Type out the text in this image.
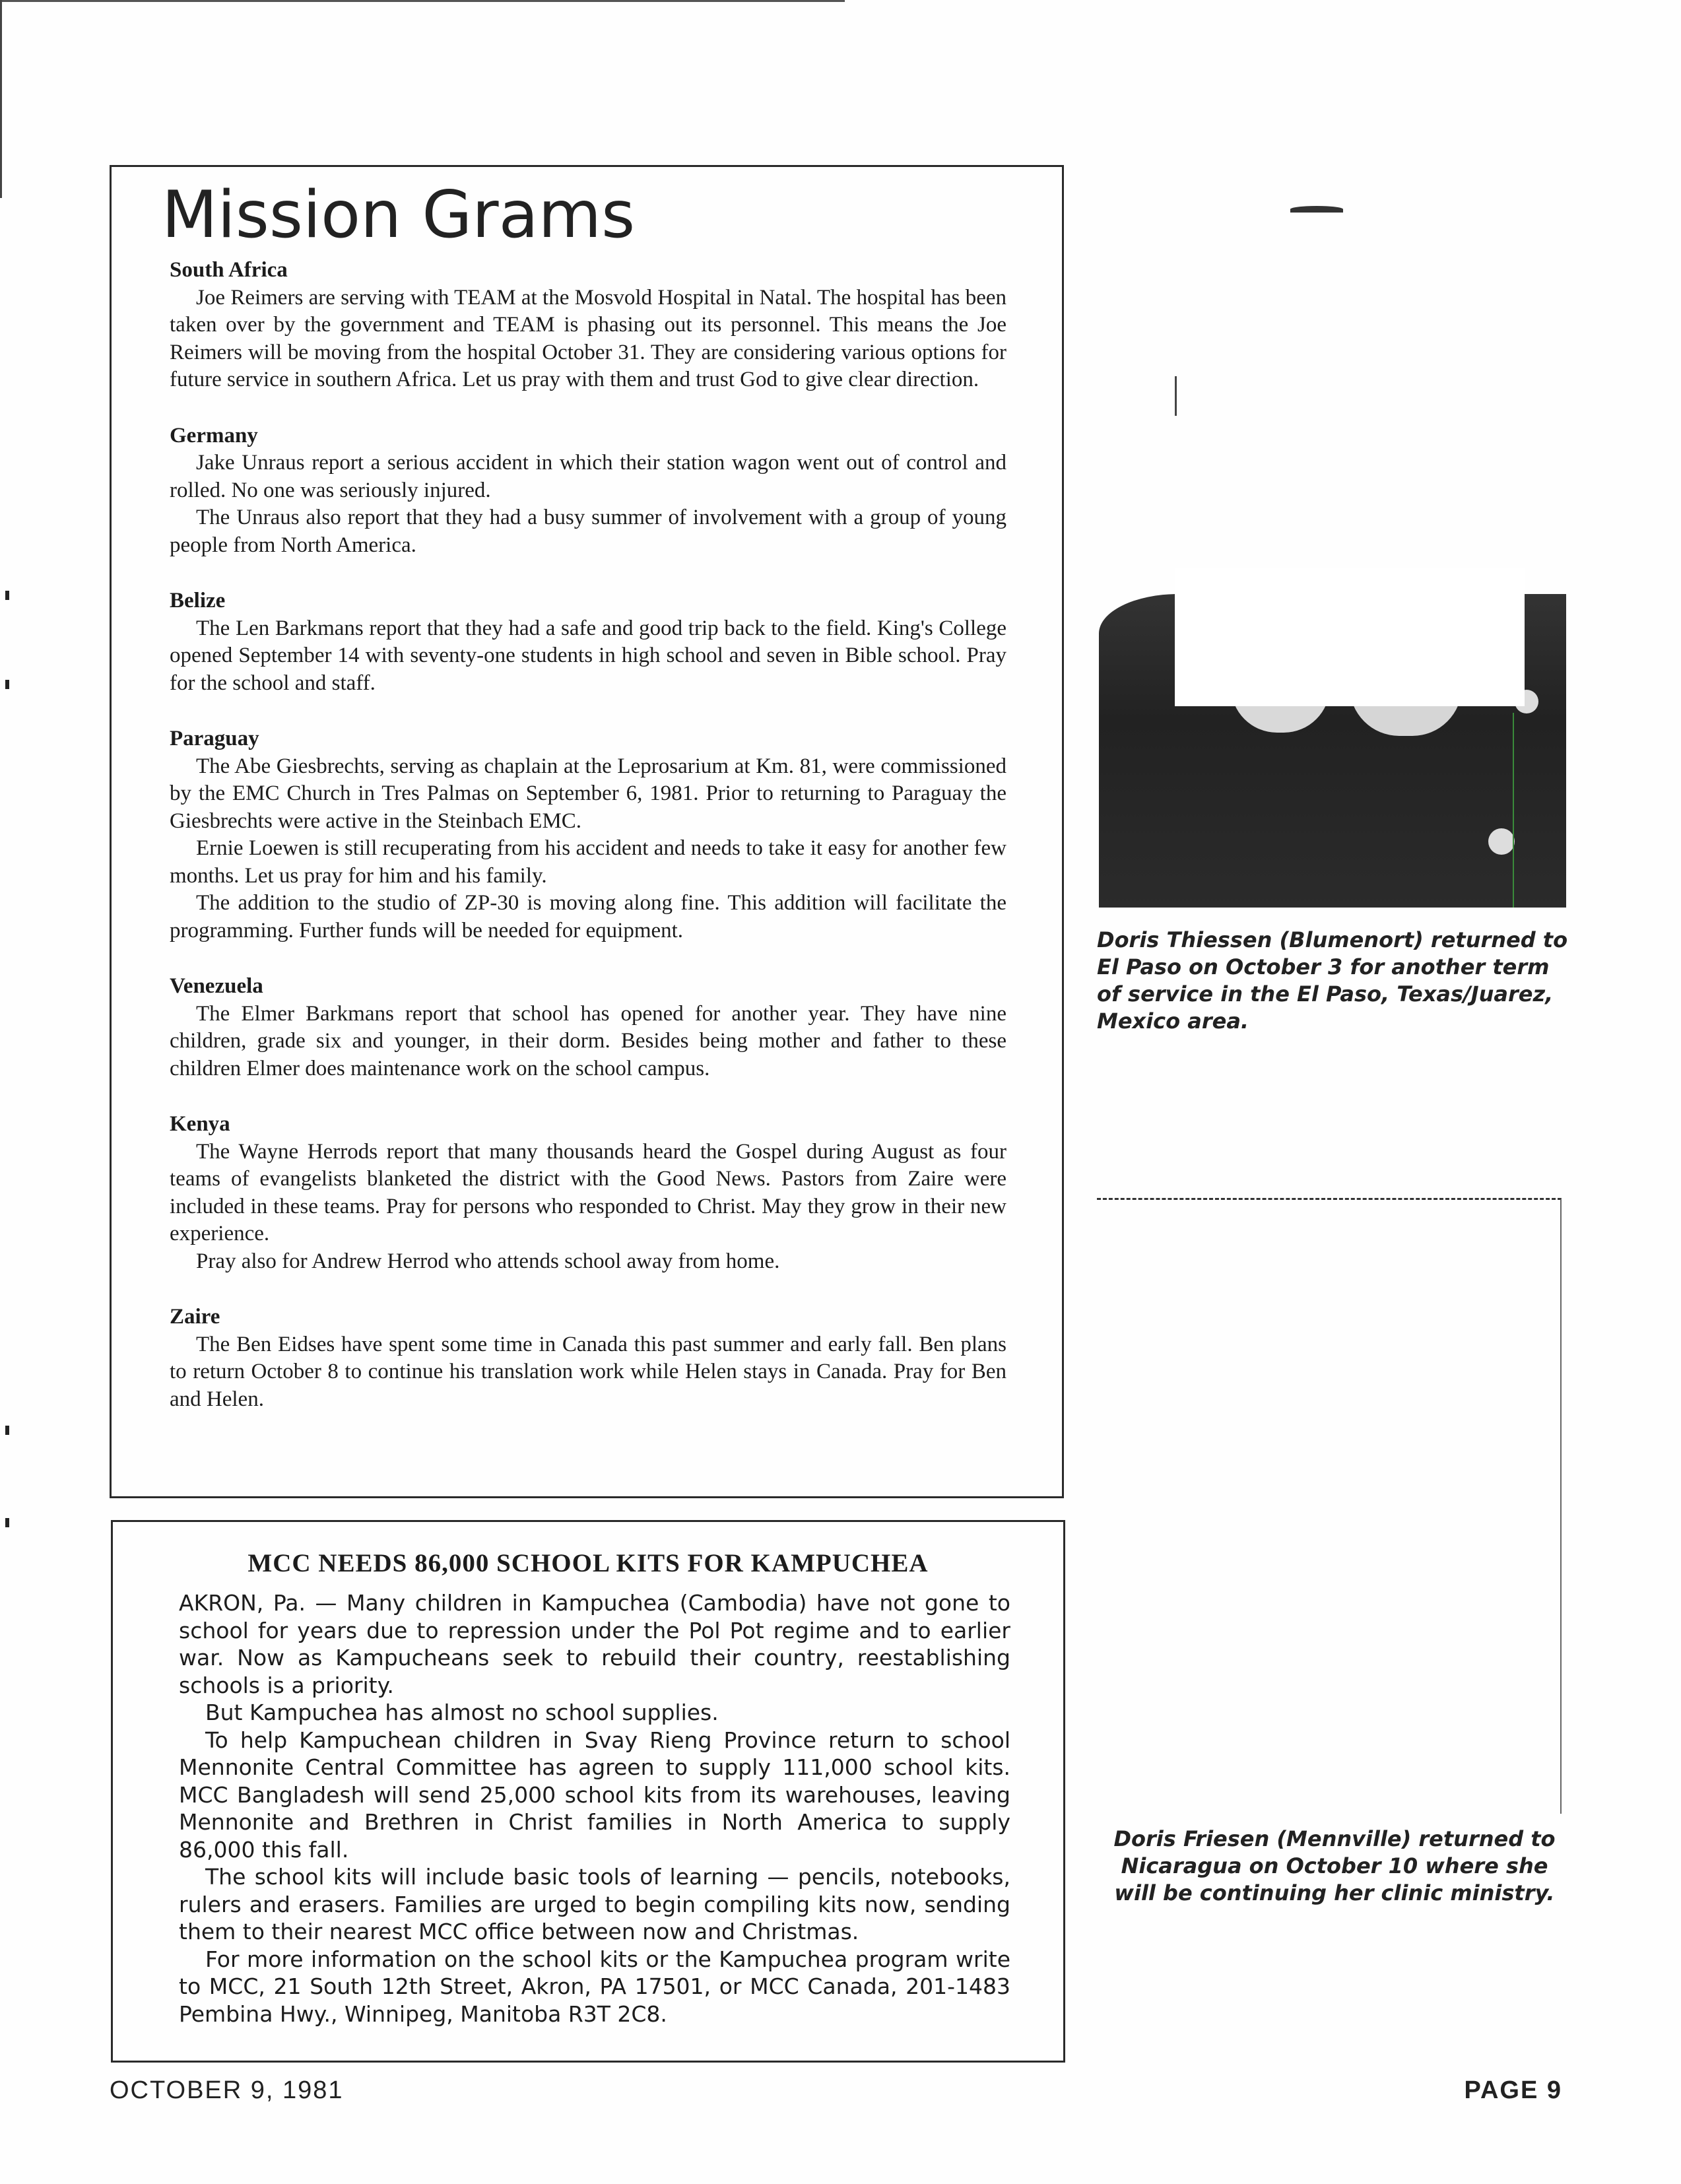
Mission Grams
South Africa

Joe Reimers are serving with TEAM at the Mosvold Hospital in Natal. The hospital has been taken over by the government and TEAM is phasing out its personnel. This means the Joe Reimers will be moving from the hospital October 31. They are considering various options for future service in southern Africa. Let us pray with them and trust God to give clear direction.

Germany

Jake Unraus report a serious accident in which their station wagon went out of control and rolled. No one was seriously injured.

The Unraus also report that they had a busy summer of involvement with a group of young people from North America.

Belize

The Len Barkmans report that they had a safe and good trip back to the field. King's College opened September 14 with seventy-one students in high school and seven in Bible school. Pray for the school and staff.

Paraguay

The Abe Giesbrechts, serving as chaplain at the Leprosarium at Km. 81, were commissioned by the EMC Church in Tres Palmas on September 6, 1981. Prior to returning to Paraguay the Giesbrechts were active in the Steinbach EMC.

Ernie Loewen is still recuperating from his accident and needs to take it easy for another few months. Let us pray for him and his family.

The addition to the studio of ZP-30 is moving along fine. This addition will facilitate the programming. Further funds will be needed for equipment.

Venezuela

The Elmer Barkmans report that school has opened for another year. They have nine children, grade six and younger, in their dorm. Besides being mother and father to these children Elmer does maintenance work on the school campus.

Kenya

The Wayne Herrods report that many thousands heard the Gospel during August as four teams of evangelists blanketed the district with the Good News. Pastors from Zaire were included in these teams. Pray for persons who responded to Christ. May they grow in their new experience.

Pray also for Andrew Herrod who attends school away from home.

Zaire

The Ben Eidses have spent some time in Canada this past summer and early fall. Ben plans to return October 8 to continue his translation work while Helen stays in Canada. Pray for Ben and Helen.

MCC NEEDS 86,000 SCHOOL KITS FOR KAMPUCHEA

AKRON, Pa. — Many children in Kampuchea (Cambodia) have not gone to school for years due to repression under the Pol Pot regime and to earlier war. Now as Kampucheans seek to rebuild their country, reestablishing schools is a priority.

But Kampuchea has almost no school supplies.

To help Kampuchean children in Svay Rieng Province return to school Mennonite Central Committee has agreen to supply 111,000 school kits. MCC Bangladesh will send 25,000 school kits from its warehouses, leaving Mennonite and Brethren in Christ families in North America to supply 86,000 this fall.

The school kits will include basic tools of learning — pencils, notebooks, rulers and erasers. Families are urged to begin compiling kits now, sending them to their nearest MCC office between now and Christmas.

For more information on the school kits or the Kampuchea program write to MCC, 21 South 12th Street, Akron, PA 17501, or MCC Canada, 201-1483 Pembina Hwy., Winnipeg, Manitoba R3T 2C8.

Doris Thiessen (Blumenort) returned to El Paso on October 3 for another term of service in the El Paso, Texas/Juarez, Mexico area.

Doris Friesen (Mennville) returned to Nicaragua on October 10 where she will be continuing her clinic ministry.

OCTOBER 9, 1981	PAGE 9
